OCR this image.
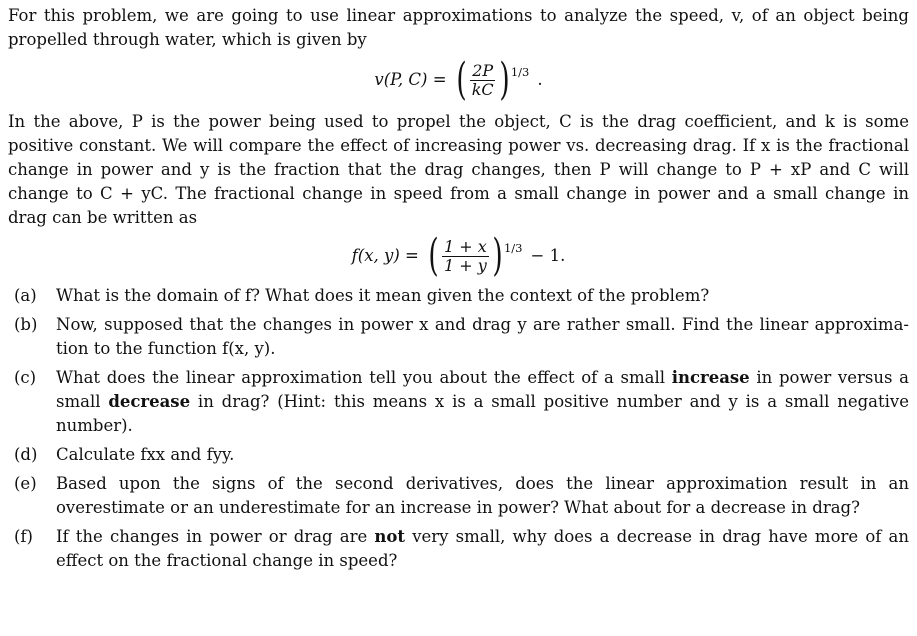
For this problem, we are going to use linear approximations to analyze the speed, v, of an object being propelled through water, which is given by

v(P, C) = ( $\frac{2P}{kC}$ ) 1/3 .

In the above, P is the power being used to propel the object, C is the drag coefficient, and k is some positive constant. We will compare the effect of increasing power vs. decreasing drag. If x is the fractional change in power and y is the fraction that the drag changes, then P will change to P + xP and C will change to C + yC. The fractional change in speed from a small change in power and a small change in drag can be written as

f(x, y) = ( $\frac{1 + x}{1 + y}$ ) 1/3 − 1.
(a)	What is the domain of f? What does it mean given the context of the problem?
(b)	Now, supposed that the changes in power x and drag y are rather small. Find the linear approxima-tion to the function f(x, y).
(c)	What does the linear approximation tell you about the effect of a small increase in power versus a small decrease in drag? (Hint: this means x is a small positive number and y is a small negative number).
(d)	Calculate fxx and fyy.
(e)	Based upon the signs of the second derivatives, does the linear approximation result in an overestimate or an underestimate for an increase in power? What about for a decrease in drag?
(f)	If the changes in power or drag are not very small, why does a decrease in drag have more of an effect on the fractional change in speed?
